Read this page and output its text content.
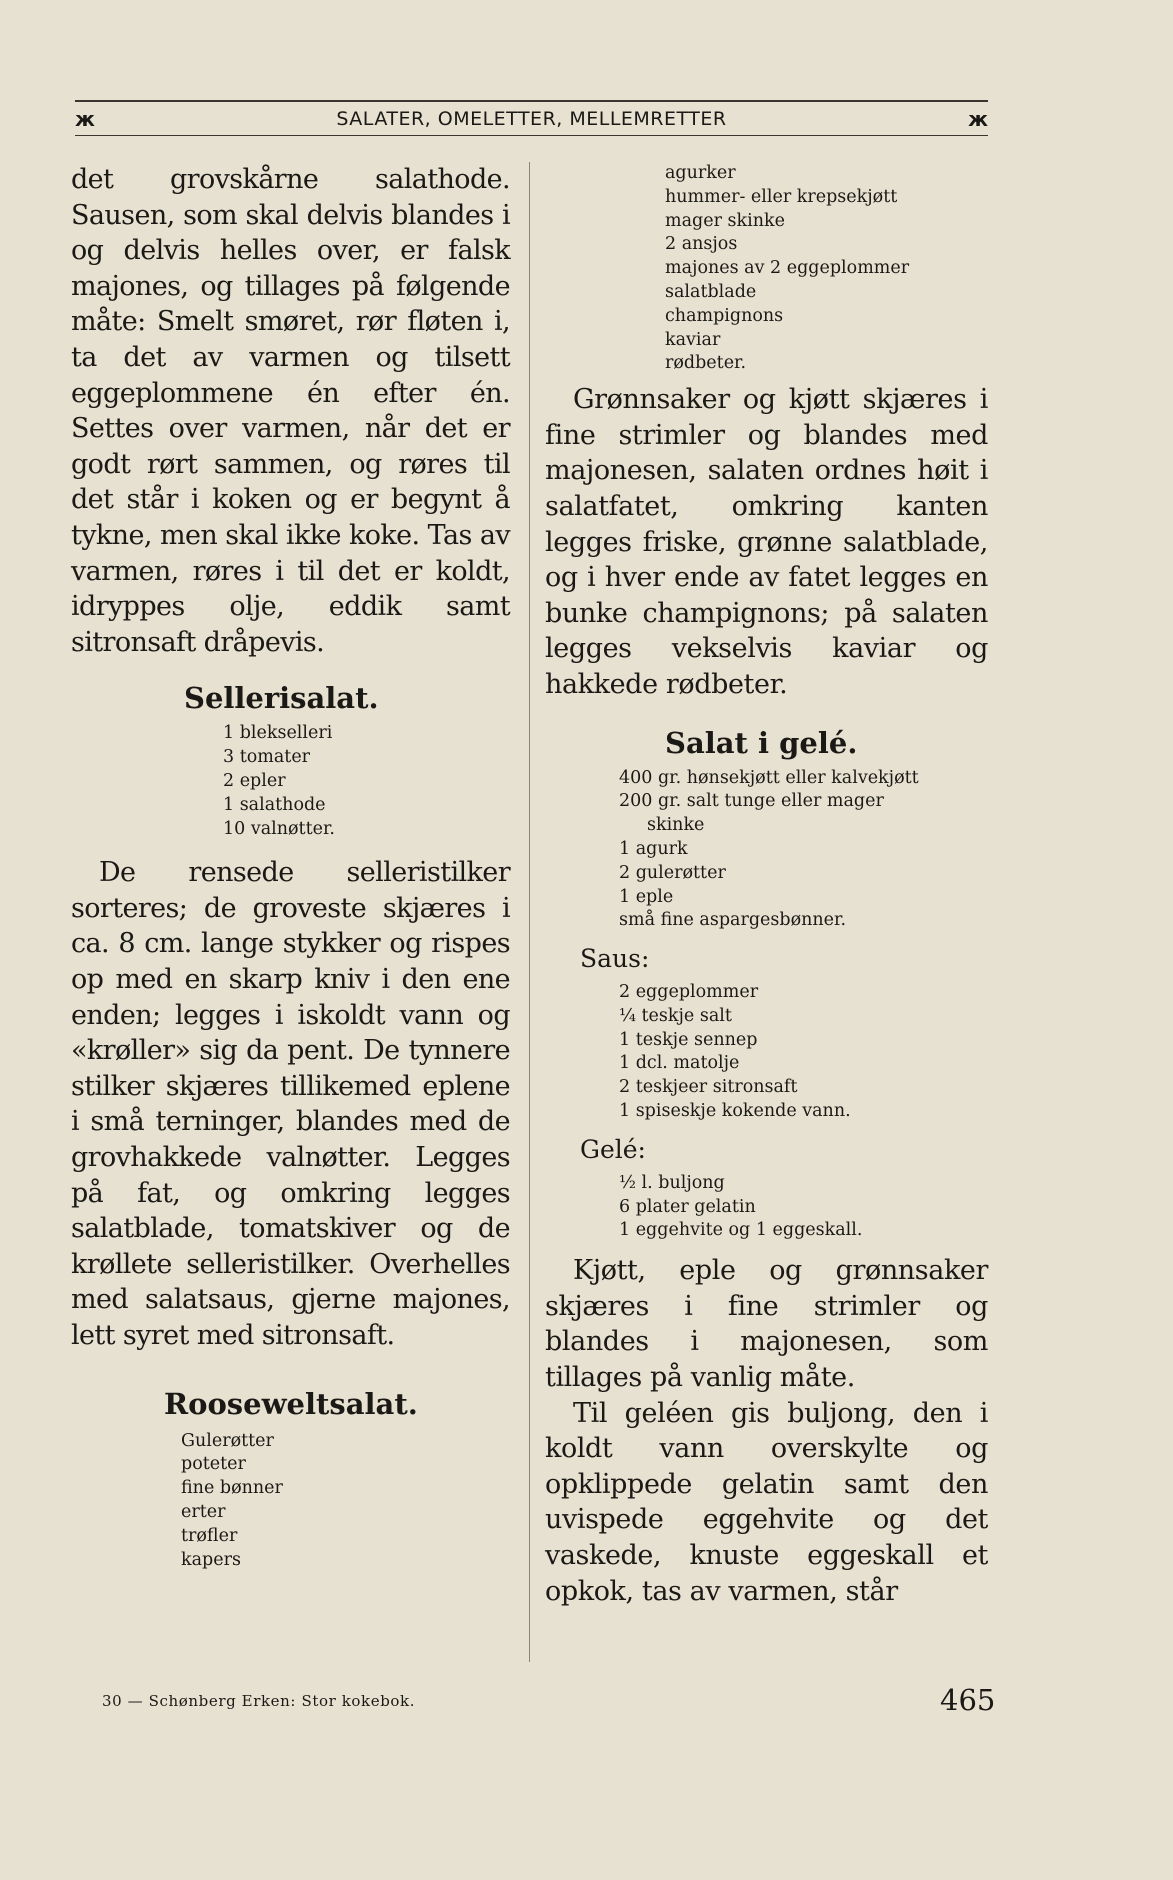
ж	SALATER, OMELETTER, MELLEMRETTER	ж

det grovskårne salathode. Sausen, som skal delvis blandes i og delvis helles over, er falsk majones, og tillages på følgende måte: Smelt smøret, rør fløten i, ta det av varmen og tilsett eggeplommene én efter én. Settes over varmen, når det er godt rørt sammen, og røres til det står i koken og er begynt å tykne, men skal ikke koke. Tas av varmen, røres i til det er koldt, idryppes olje, eddik samt sitronsaft dråpevis.

Sellerisalat.
1 blekselleri
3 tomater
2 epler
1 salathode
10 valnøtter.

De rensede selleristilker sorteres; de groveste skjæres i ca. 8 cm. lange stykker og rispes op med en skarp kniv i den ene enden; legges i iskoldt vann og «krøller» sig da pent. De tynnere stilker skjæres tillikemed eplene i små terninger, blandes med de grovhakkede valnøtter. Legges på fat, og omkring legges salatblade, tomatskiver og de krøllete selleristilker. Overhelles med salatsaus, gjerne majones, lett syret med sitronsaft.

Rooseweltsalat.
Gulerøtter
poteter
fine bønner
erter
trøfler
kapers
agurker
hummer- eller krepsekjøtt
mager skinke
2 ansjos
majones av 2 eggeplommer
salatblade
champignons
kaviar
rødbeter.

Grønnsaker og kjøtt skjæres i fine strimler og blandes med majonesen, salaten ordnes høit i salatfatet, omkring kanten legges friske, grønne salatblade, og i hver ende av fatet legges en bunke champignons; på salaten legges vekselvis kaviar og hakkede rødbeter.

Salat i gelé.
400 gr. hønsekjøtt eller kalvekjøtt
200 gr. salt tunge eller mager
skinke
1 agurk
2 gulerøtter
1 eple
små fine aspargesbønner.
Saus:
2 eggeplommer
¼ teskje salt
1 teskje sennep
1 dcl. matolje
2 teskjeer sitronsaft
1 spiseskje kokende vann.
Gelé:
½ l. buljong
6 plater gelatin
1 eggehvite og 1 eggeskall.

Kjøtt, eple og grønnsaker skjæres i fine strimler og blandes i majonesen, som tillages på vanlig måte.

Til geléen gis buljong, den i koldt vann overskylte og opklippede gelatin samt den uvispede eggehvite og det vaskede, knuste eggeskall et opkok, tas av varmen, står

30 — Schønberg Erken: Stor kokebok.	465
